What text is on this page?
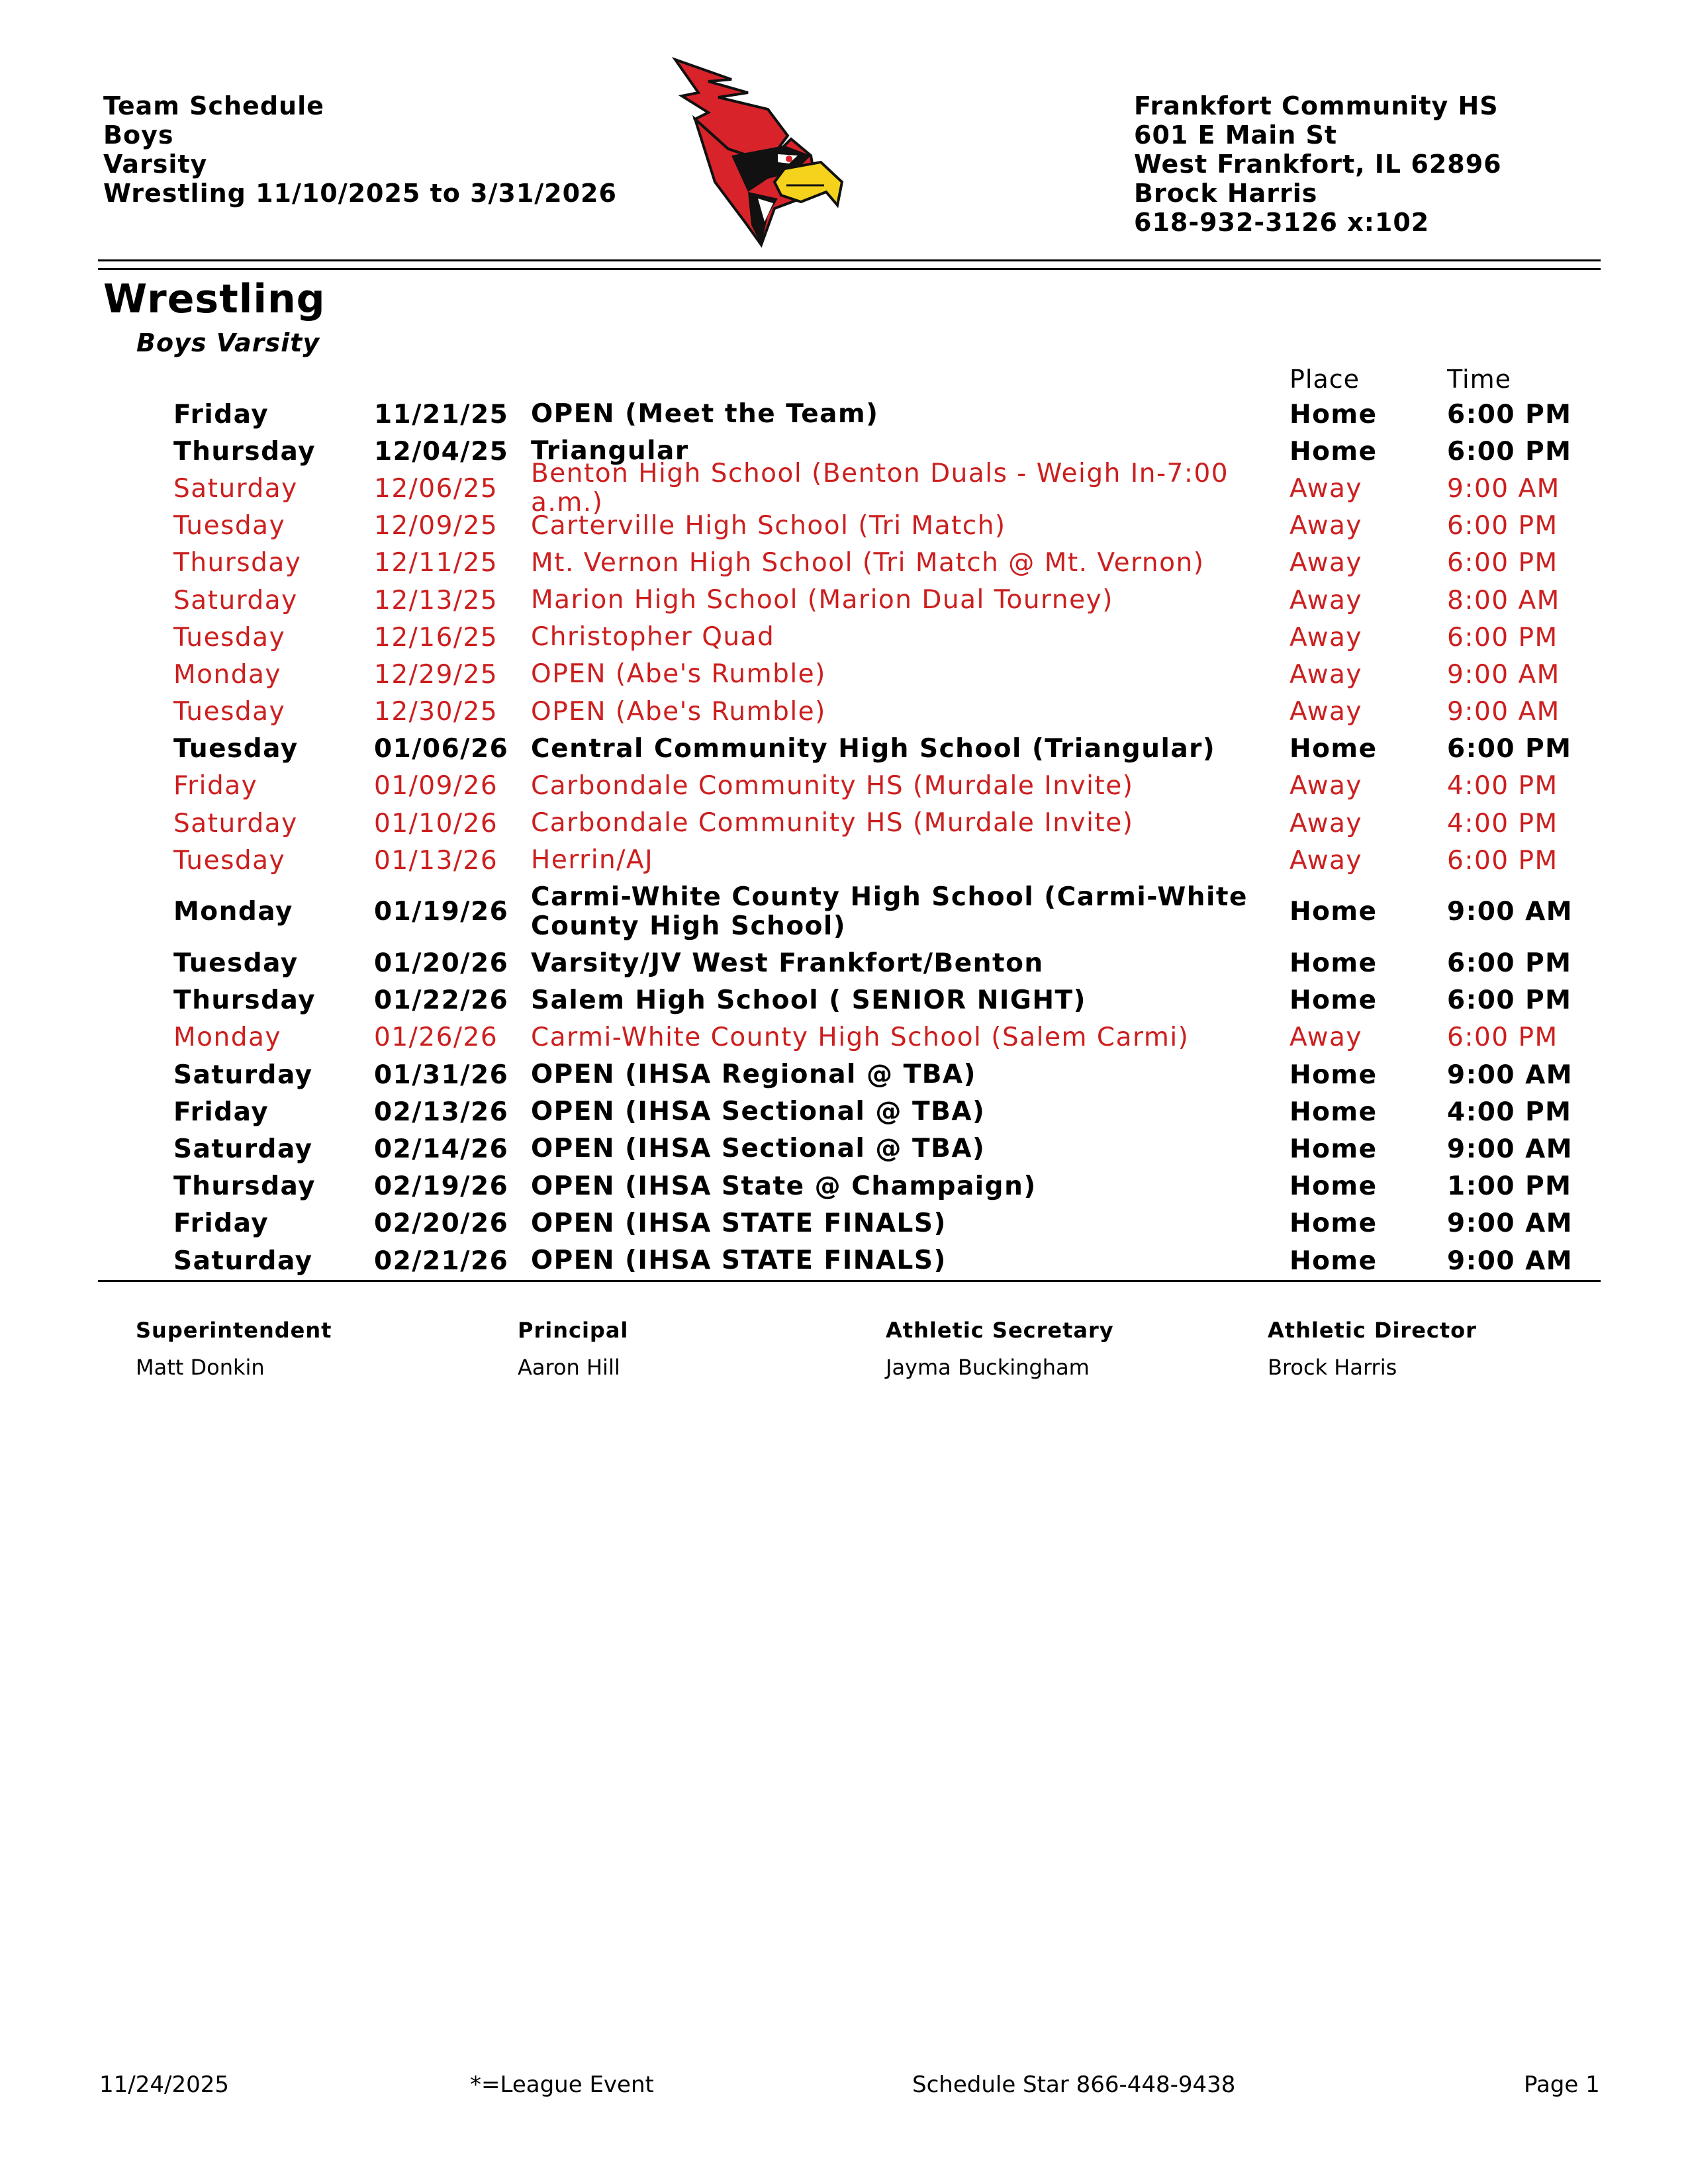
Team Schedule
Boys
Varsity
Wrestling 11/10/2025 to 3/31/2026
Frankfort Community HS
601 E Main St
West Frankfort, IL 62896
Brock Harris
618-932-3126 x:102
Wrestling
Boys Varsity
Place	Time
Friday	11/21/25 OPEN (Meet the Team)	Home	6:00 PM
Thursday 12/04/25 Triangular	Home	6:00 PM
Saturday	12/06/25 Benton High School (Benton Duals - Weigh In-7:00 a.m.)	Away	9:00 AM
Tuesday	12/09/25 Carterville High School (Tri Match)	Away	6:00 PM
Thursday	12/11/25 Mt. Vernon High School (Tri Match @ Mt. Vernon)	Away	6:00 PM
Saturday	12/13/25 Marion High School (Marion Dual Tourney)	Away	8:00 AM
Tuesday	12/16/25 Christopher Quad	Away	6:00 PM
Monday	12/29/25 OPEN (Abe's Rumble)	Away	9:00 AM
Tuesday	12/30/25 OPEN (Abe's Rumble)	Away	9:00 AM
Tuesday	01/06/26 Central Community High School (Triangular)	Home	6:00 PM
Friday	01/09/26 Carbondale Community HS (Murdale Invite)	Away	4:00 PM
Saturday	01/10/26 Carbondale Community HS (Murdale Invite)	Away	4:00 PM
Tuesday	01/13/26 Herrin/AJ	Away	6:00 PM
Monday	01/19/26 Carmi-White County High School (Carmi-White County High School)	Home	9:00 AM
Tuesday	01/20/26 Varsity/JV West Frankfort/Benton	Home	6:00 PM
Thursday 01/22/26 Salem High School ( SENIOR NIGHT)	Home	6:00 PM
Monday	01/26/26 Carmi-White County High School (Salem Carmi)	Away	6:00 PM
Saturday 01/31/26 OPEN (IHSA Regional @ TBA)	Home	9:00 AM
Friday	02/13/26 OPEN (IHSA Sectional @ TBA)	Home	4:00 PM
Saturday 02/14/26 OPEN (IHSA Sectional @ TBA)	Home	9:00 AM
Thursday 02/19/26 OPEN (IHSA State @ Champaign)	Home	1:00 PM
Friday	02/20/26 OPEN (IHSA STATE FINALS)	Home	9:00 AM
Saturday 02/21/26 OPEN (IHSA STATE FINALS)	Home	9:00 AM
Superintendent
Matt Donkin
Principal
Aaron Hill
Athletic Secretary
Jayma Buckingham
Athletic Director
Brock Harris
11/24/2025	*=League Event	Schedule Star 866-448-9438	Page 1
